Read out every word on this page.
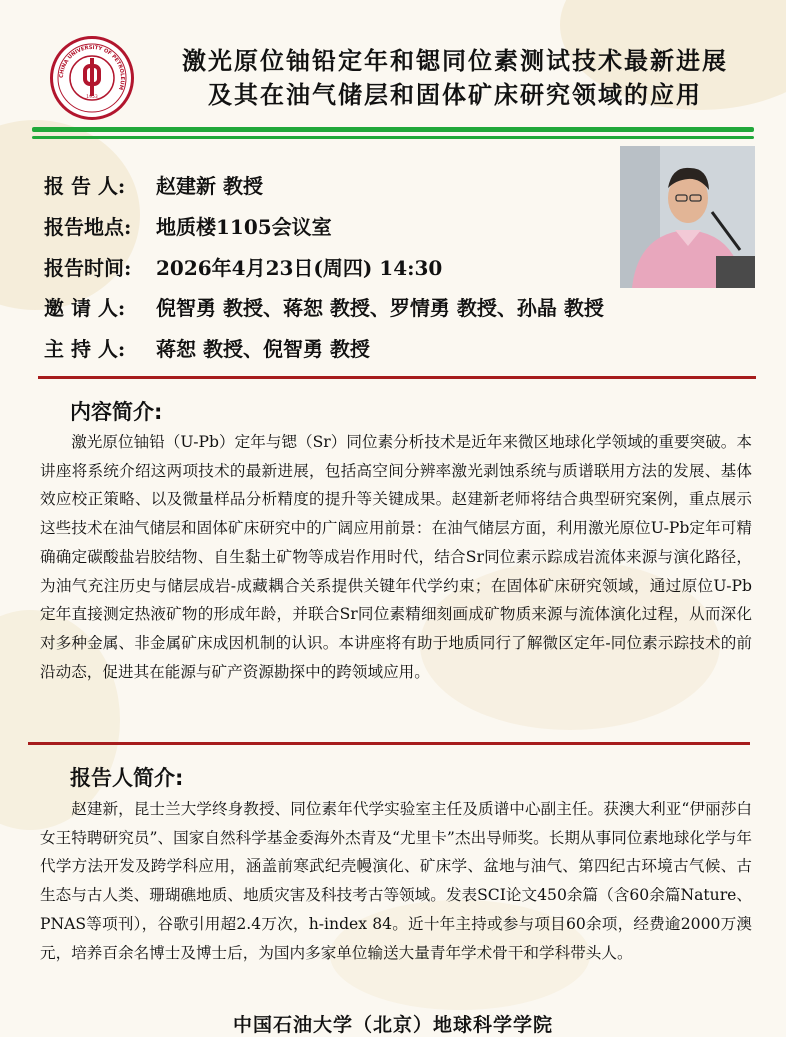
CHINA UNIVERSITY OF PETROLEUM
1953
激光原位铀铅定年和锶同位素测试技术最新进展
及其在油气储层和固体矿床研究领域的应用
报 告 人: 赵建新 教授
报告地点: 地质楼1105会议室
报告时间: 2026年4月23日(周四) 14:30
邀 请 人: 倪智勇 教授、蒋恕 教授、罗情勇 教授、孙晶 教授
主 持 人: 蒋恕 教授、倪智勇 教授
内容简介:
激光原位铀铅（U-Pb）定年与锶（Sr）同位素分析技术是近年来微区地球化学领域的重要突破。本讲座将系统介绍这两项技术的最新进展，包括高空间分辨率激光剥蚀系统与质谱联用方法的发展、基体效应校正策略、以及微量样品分析精度的提升等关键成果。赵建新老师将结合典型研究案例，重点展示这些技术在油气储层和固体矿床研究中的广阔应用前景：在油气储层方面，利用激光原位U-Pb定年可精确确定碳酸盐岩胶结物、自生黏土矿物等成岩作用时代，结合Sr同位素示踪成岩流体来源与演化路径，为油气充注历史与储层成岩-成藏耦合关系提供关键年代学约束；在固体矿床研究领域，通过原位U-Pb定年直接测定热液矿物的形成年龄，并联合Sr同位素精细刻画成矿物质来源与流体演化过程，从而深化对多种金属、非金属矿床成因机制的认识。本讲座将有助于地质同行了解微区定年-同位素示踪技术的前沿动态，促进其在能源与矿产资源勘探中的跨领域应用。
报告人简介:
赵建新，昆士兰大学终身教授、同位素年代学实验室主任及质谱中心副主任。获澳大利亚“伊丽莎白女王特聘研究员”、国家自然科学基金委海外杰青及“尤里卡”杰出导师奖。长期从事同位素地球化学与年代学方法开发及跨学科应用，涵盖前寒武纪壳幔演化、矿床学、盆地与油气、第四纪古环境古气候、古生态与古人类、珊瑚礁地质、地质灾害及科技考古等领域。发表SCI论文450余篇（含60余篇Nature、PNAS等项刊），谷歌引用超2.4万次，h-index 84。近十年主持或参与项目60余项，经费逾2000万澳元，培养百余名博士及博士后，为国内多家单位输送大量青年学术骨干和学科带头人。
中国石油大学（北京）地球科学学院
